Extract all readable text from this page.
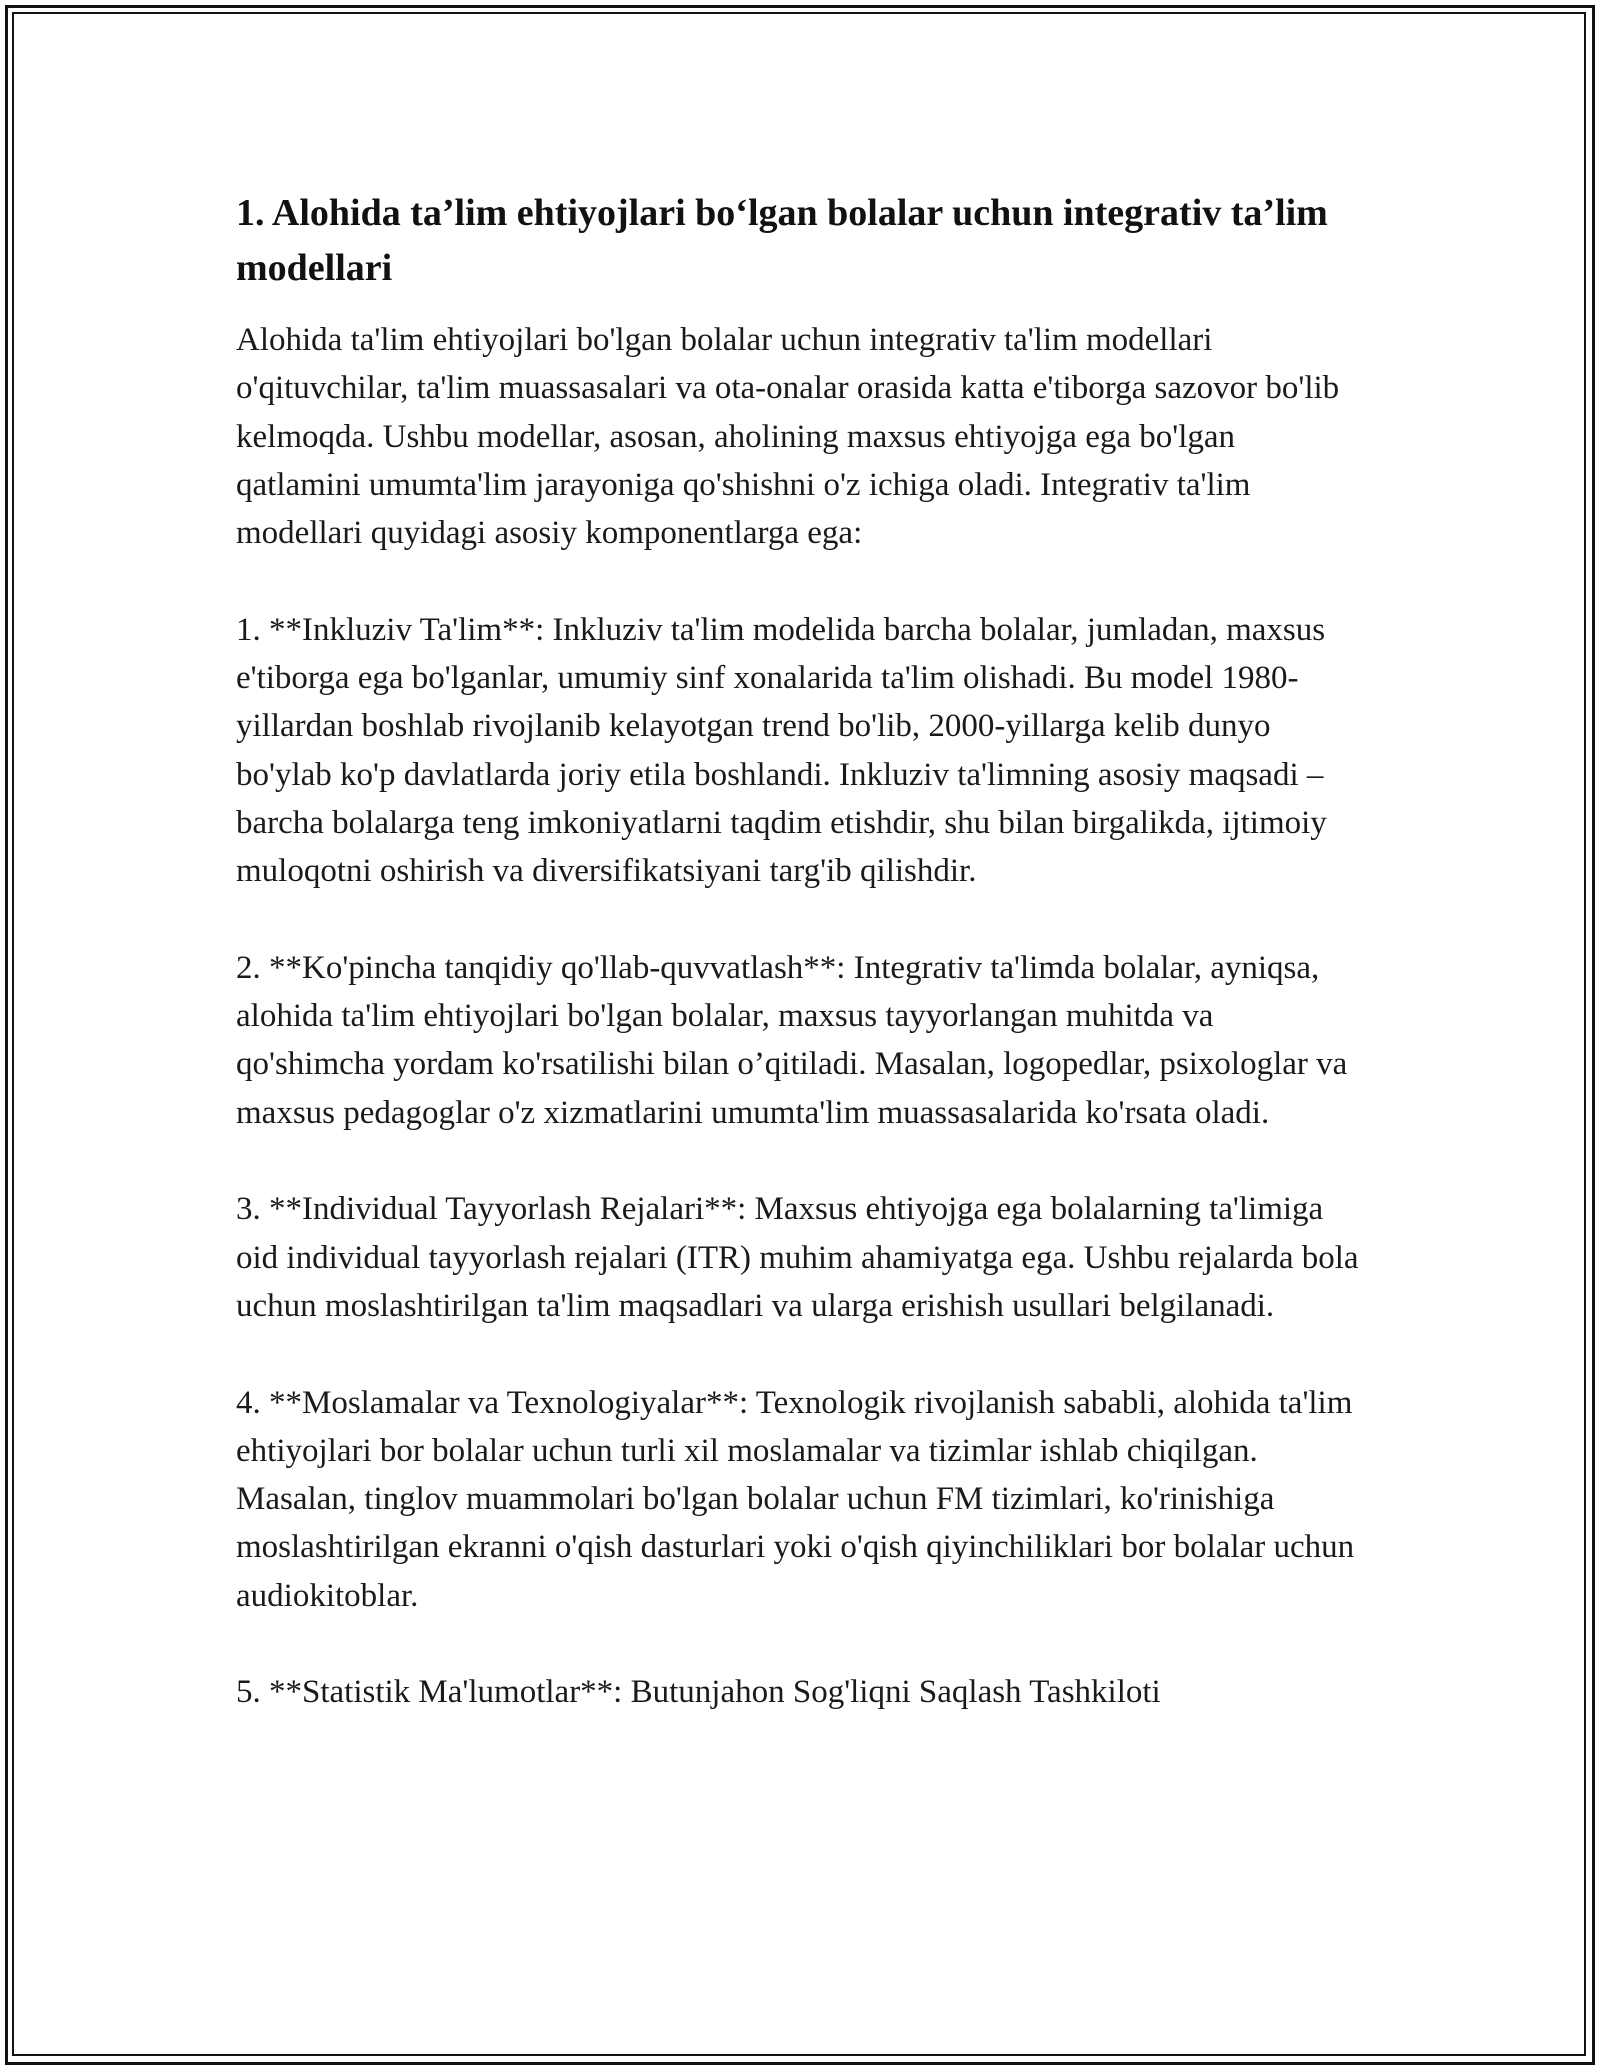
1. Alohida ta’lim ehtiyojlari bo‘lgan bolalar uchun integrativ ta’lim modellari

Alohida ta'lim ehtiyojlari bo'lgan bolalar uchun integrativ ta'lim modellari o'qituvchilar, ta'lim muassasalari va ota-onalar orasida katta e'tiborga sazovor bo'lib kelmoqda. Ushbu modellar, asosan, aholining maxsus ehtiyojga ega bo'lgan qatlamini umumta'lim jarayoniga qo'shishni o'z ichiga oladi. Integrativ ta'lim modellari quyidagi asosiy komponentlarga ega:

1. **Inkluziv Ta'lim**: Inkluziv ta'lim modelida barcha bolalar, jumladan, maxsus e'tiborga ega bo'lganlar, umumiy sinf xonalarida ta'lim olishadi. Bu model 1980-yillardan boshlab rivojlanib kelayotgan trend bo'lib, 2000-yillarga kelib dunyo bo'ylab ko'p davlatlarda joriy etila boshlandi. Inkluziv ta'limning asosiy maqsadi – barcha bolalarga teng imkoniyatlarni taqdim etishdir, shu bilan birgalikda, ijtimoiy muloqotni oshirish va diversifikatsiyani targ'ib qilishdir.

2. **Ko'pincha tanqidiy qo'llab-quvvatlash**: Integrativ ta'limda bolalar, ayniqsa, alohida ta'lim ehtiyojlari bo'lgan bolalar, maxsus tayyorlangan muhitda va qo'shimcha yordam ko'rsatilishi bilan o’qitiladi. Masalan, logopedlar, psixologlar va maxsus pedagoglar o'z xizmatlarini umumta'lim muassasalarida ko'rsata oladi.

3. **Individual Tayyorlash Rejalari**: Maxsus ehtiyojga ega bolalarning ta'limiga oid individual tayyorlash rejalari (ITR) muhim ahamiyatga ega. Ushbu rejalarda bola uchun moslashtirilgan ta'lim maqsadlari va ularga erishish usullari belgilanadi.

4. **Moslamalar va Texnologiyalar**: Texnologik rivojlanish sababli, alohida ta'lim ehtiyojlari bor bolalar uchun turli xil moslamalar va tizimlar ishlab chiqilgan. Masalan, tinglov muammolari bo'lgan bolalar uchun FM tizimlari, ko'rinishiga moslashtirilgan ekranni o'qish dasturlari yoki o'qish qiyinchiliklari bor bolalar uchun audiokitoblar.

5. **Statistik Ma'lumotlar**: Butunjahon Sog'liqni Saqlash Tashkiloti
